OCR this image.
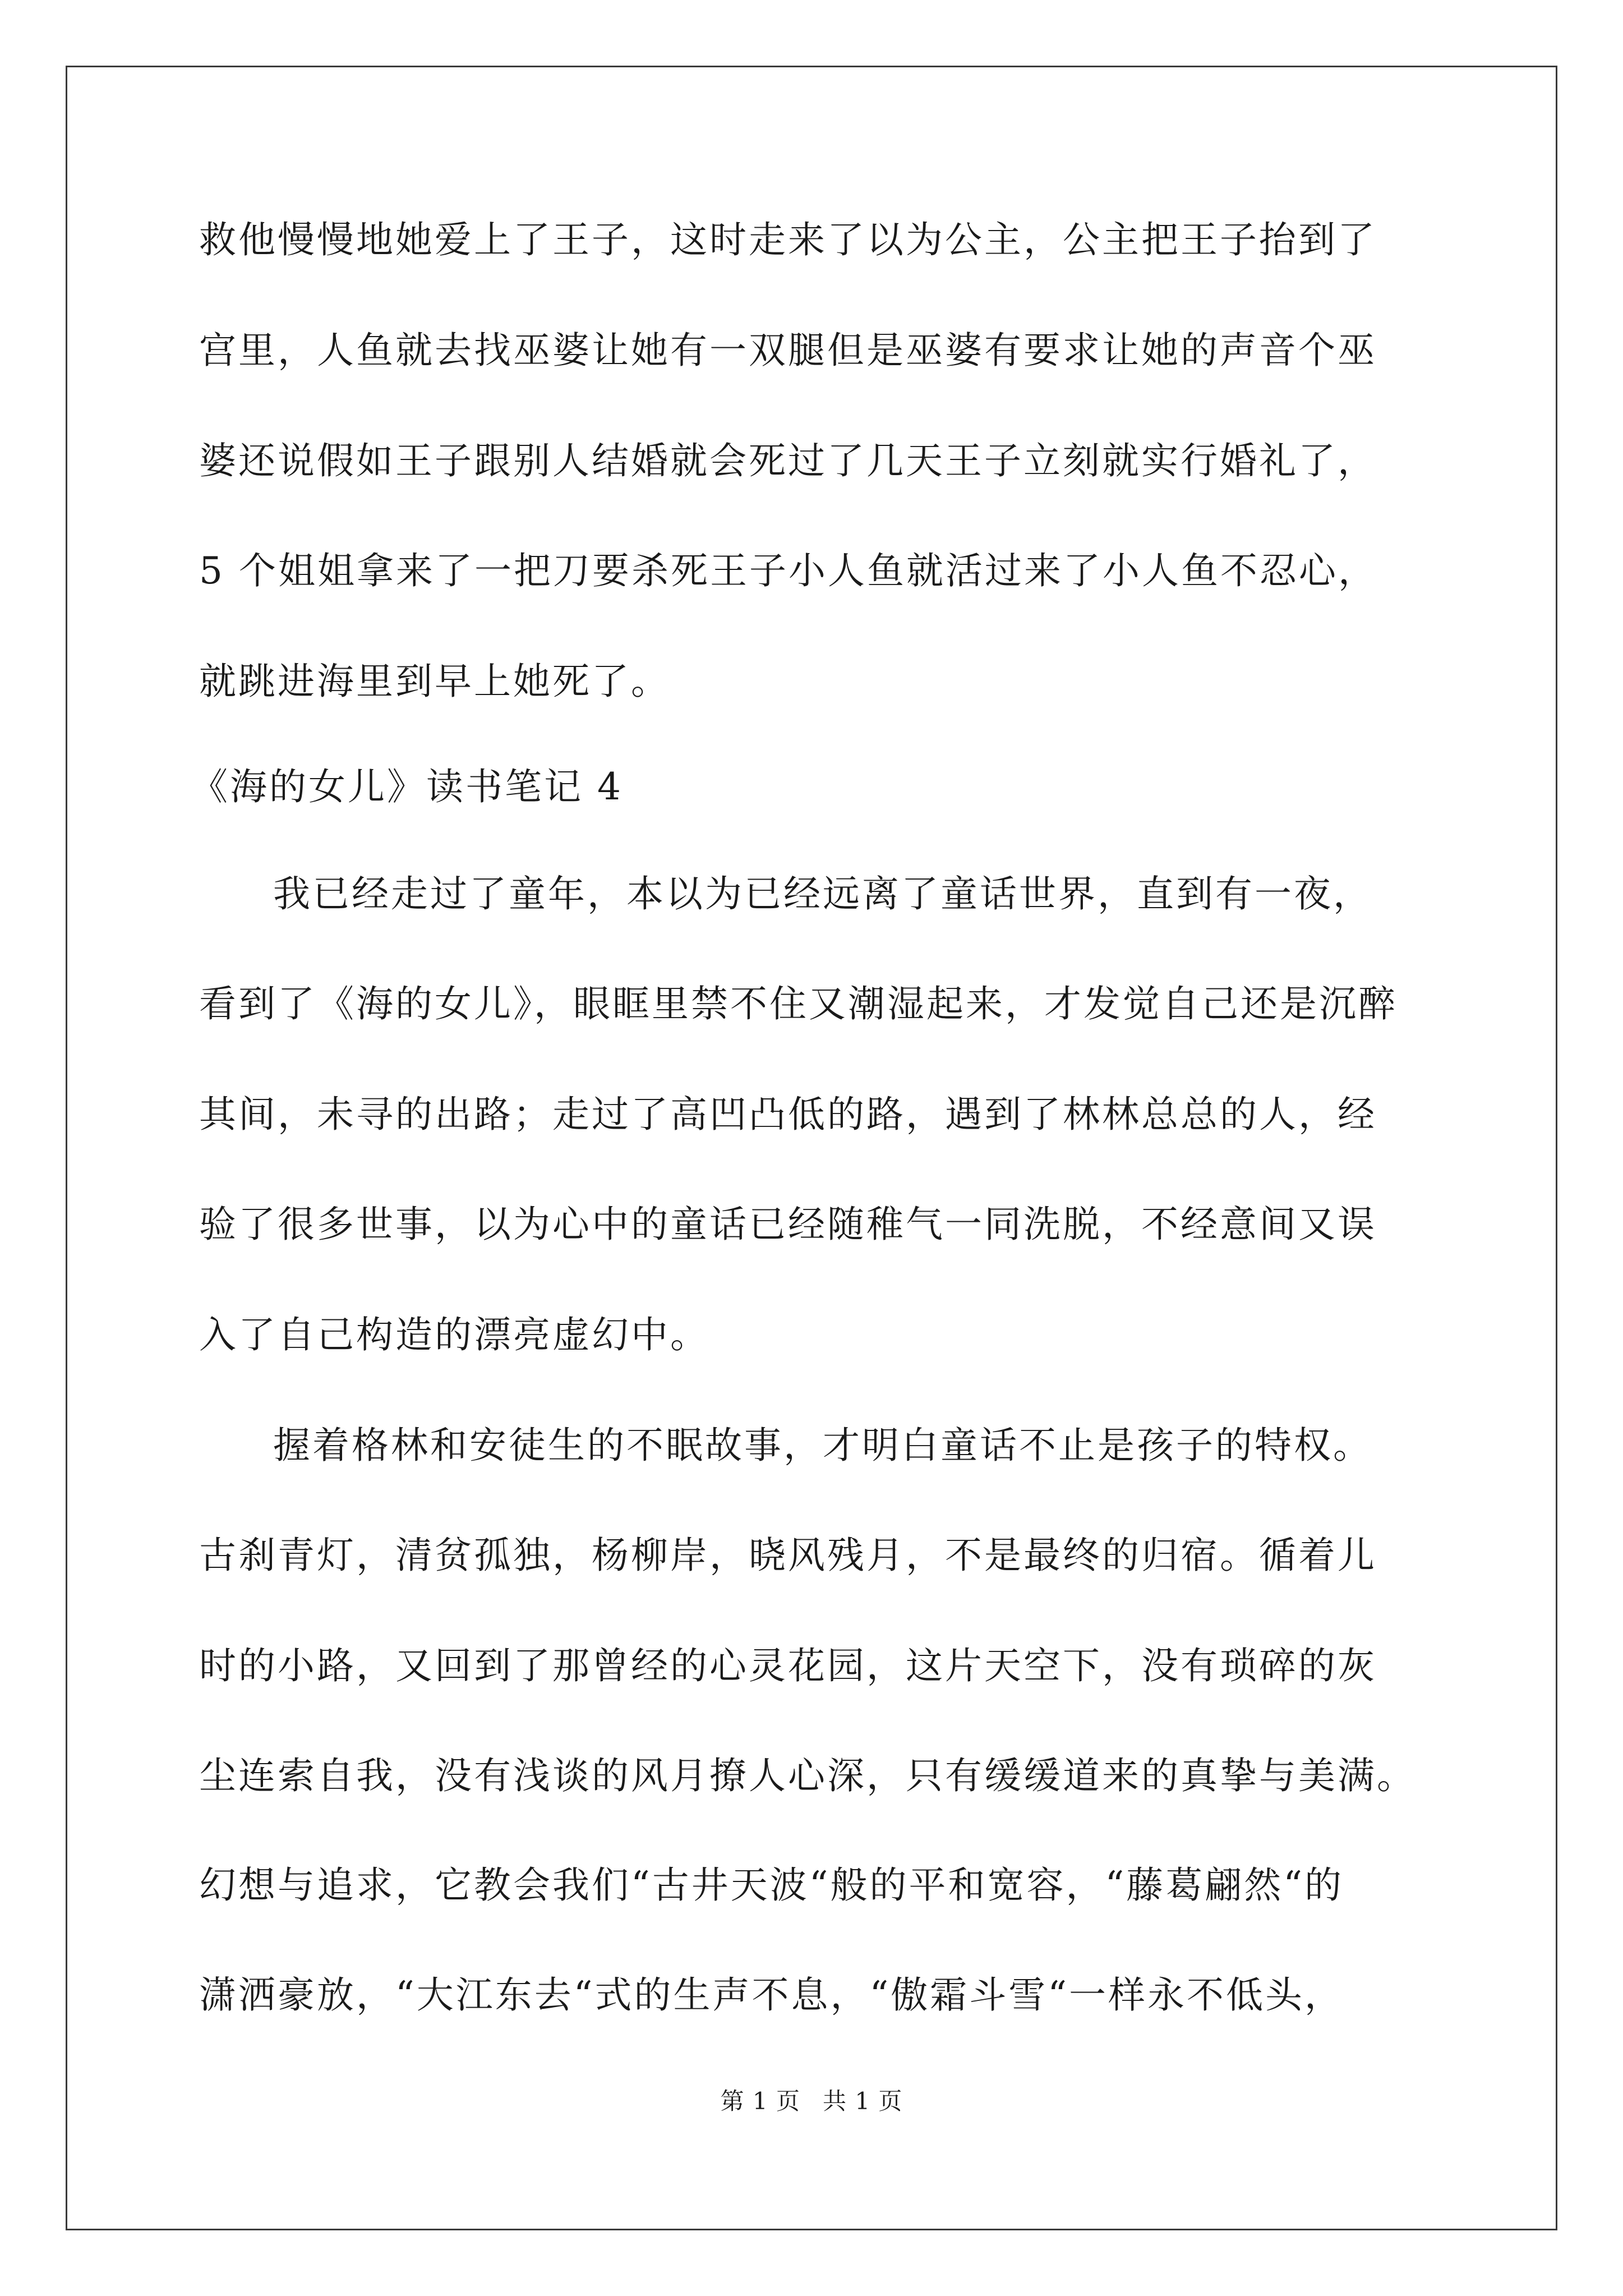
救他慢慢地她爱上了王子，这时走来了以为公主，公主把王子抬到了
宫里，人鱼就去找巫婆让她有一双腿但是巫婆有要求让她的声音个巫
婆还说假如王子跟别人结婚就会死过了几天王子立刻就实行婚礼了，
5 个姐姐拿来了一把刀要杀死王子小人鱼就活过来了小人鱼不忍心，
就跳进海里到早上她死了。
《海的女儿》读书笔记 4
我已经走过了童年，本以为已经远离了童话世界，直到有一夜，
看到了《海的女儿》，眼眶里禁不住又潮湿起来，才发觉自己还是沉醉
其间，未寻的出路；走过了高凹凸低的路，遇到了林林总总的人，经
验了很多世事，以为心中的童话已经随稚气一同洗脱，不经意间又误
入了自己构造的漂亮虚幻中。
握着格林和安徒生的不眠故事，才明白童话不止是孩子的特权。
古刹青灯，清贫孤独，杨柳岸，晓风残月，不是最终的归宿。循着儿
时的小路，又回到了那曾经的心灵花园，这片天空下，没有琐碎的灰
尘连索自我，没有浅谈的风月撩人心深，只有缓缓道来的真挚与美满。
幻想与追求，它教会我们“古井天波“般的平和宽容，“藤葛翩然“的
潇洒豪放，“大江东去“式的生声不息，“傲霜斗雪“一样永不低头，
第 1 页 共 1 页
